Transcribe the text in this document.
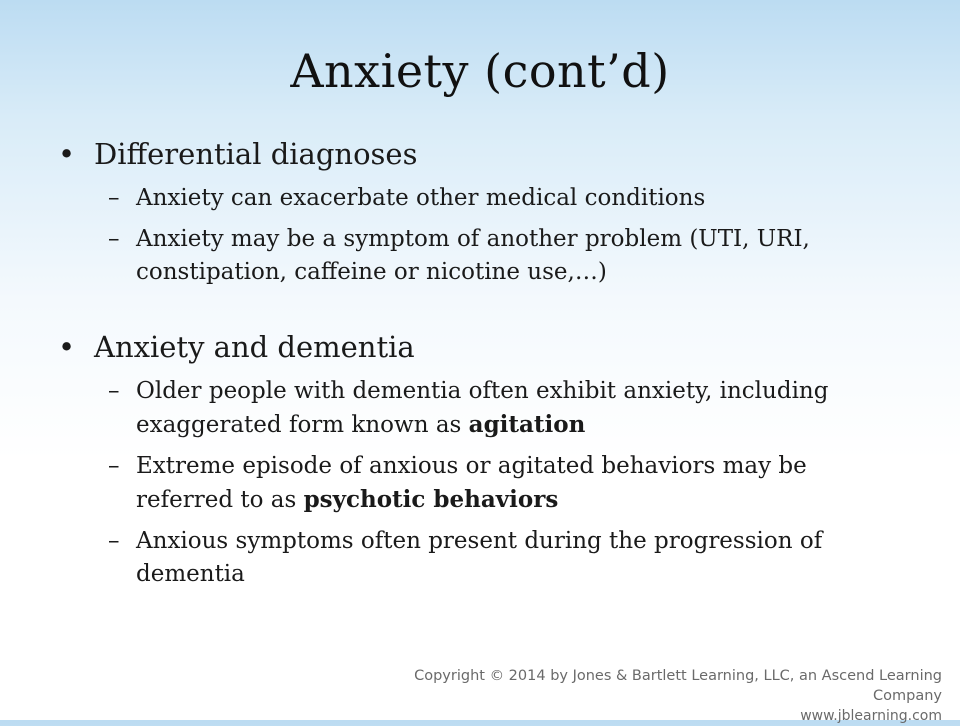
Anxiety (cont’d)
• Differential diagnoses
– Anxiety can exacerbate other medical conditions
– Anxiety may be a symptom of another problem (UTI, URI, constipation, caffeine or nicotine use,…)
• Anxiety and dementia
– Older people with dementia often exhibit anxiety, including exaggerated form known as agitation
– Extreme episode of anxious or agitated behaviors may be referred to as psychotic behaviors
– Anxious symptoms often present during the progression of dementia
Copyright © 2014 by Jones & Bartlett Learning, LLC, an Ascend Learning Company
www.jblearning.com
